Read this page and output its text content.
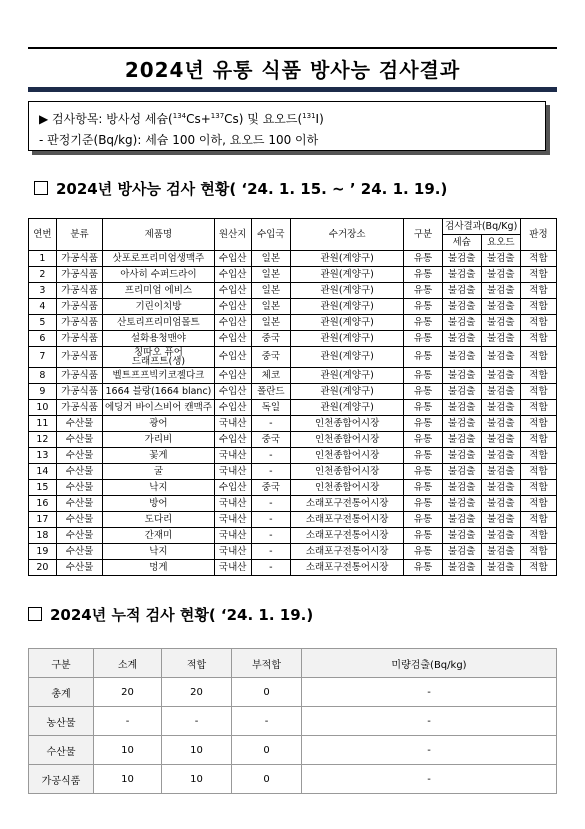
2024년 유통 식품 방사능 검사결과
▶ 검사항목: 방사성 세슘($^{134}$Cs+$^{137}$Cs) 및 요오드($^{131}$I)
- 판정기준(Bq/kg): 세슘 100 이하, 요오드 100 이하
2024년 방사능 검사 현황( ‘24. 1. 15. ~ ’ 24. 1. 19.)
연번	분류	제품명	원산지	수입국	수거장소	구분	검사결과(Bq/Kg)		판정
							세슘	요오드	
1	가공식품	삿포로프리미엄생맥주	수입산	일본	관원(계양구)	유통	불검출	불검출	적합
2	가공식품	아사히 수퍼드라이	수입산	일본	관원(계양구)	유통	불검출	불검출	적합
3	가공식품	프리미엄 에비스	수입산	일본	관원(계양구)	유통	불검출	불검출	적합
4	가공식품	기린이치방	수입산	일본	관원(계양구)	유통	불검출	불검출	적합
5	가공식품	산토리프리미엄몰트	수입산	일본	관원(계양구)	유통	불검출	불검출	적합
6	가공식품	설화용청맨야	수입산	중국	관원(계양구)	유통	불검출	불검출	적합
7	가공식품	칭따오 퓨어
드래프트(생)	수입산	중국	관원(계양구)	유통	불검출	불검출	적합
8	가공식품	벨트프프빅키코젤다크	수입산	체코	관원(계양구)	유통	불검출	불검출	적합
9	가공식품	1664 블랑(1664 blanc)	수입산	폴란드	관원(계양구)	유통	불검출	불검출	적합
10	가공식품	에딩거 바이스비어 캔맥주	수입산	독일	관원(계양구)	유통	불검출	불검출	적합
11	수산물	광어	국내산	-	인천종합어시장	유통	불검출	불검출	적합
12	수산물	가리비	수입산	중국	인천종합어시장	유통	불검출	불검출	적합
13	수산물	꽃게	국내산	-	인천종합어시장	유통	불검출	불검출	적합
14	수산물	굴	국내산	-	인천종합어시장	유통	불검출	불검출	적합
15	수산물	낙지	수입산	중국	인천종합어시장	유통	불검출	불검출	적합
16	수산물	방어	국내산	-	소래포구전통어시장	유통	불검출	불검출	적합
17	수산물	도다리	국내산	-	소래포구전통어시장	유통	불검출	불검출	적합
18	수산물	간재미	국내산	-	소래포구전통어시장	유통	불검출	불검출	적합
19	수산물	낙지	국내산	-	소래포구전통어시장	유통	불검출	불검출	적합
20	수산물	멍게	국내산	-	소래포구전통어시장	유통	불검출	불검출	적합
2024년 누적 검사 현황( ‘24. 1. 19.)
구분	소계	적합	부적합	미량검출(Bq/kg)
총계	20	20	0	-
농산물	-	-	-	-
수산물	10	10	0	-
가공식품	10	10	0	-
